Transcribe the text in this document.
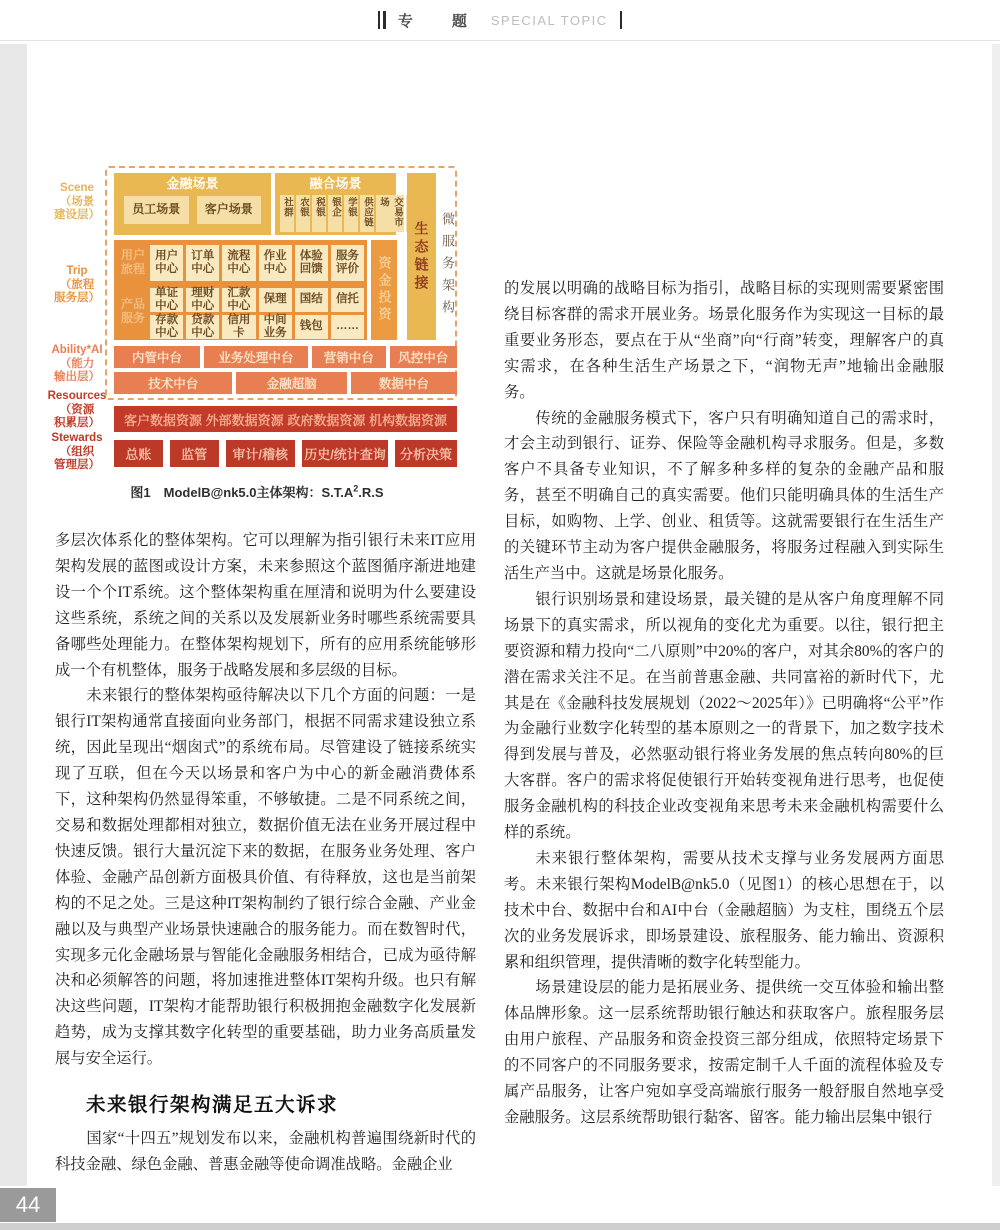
专　题 SPECIAL TOPIC
Scene
（场景
建设层）
Trip
（旅程
服务层）
Ability*AI
（能力
输出层）
Resources
（资源
积累层）
Stewards
（组织
管理层）
金融场景
员工场景	客户场景
融合场景
社群 农银 税银 银企 学银 供应链	交易市场
生态链接 微服务架构
用户旅程
用户中心
订单中心
流程中心
作业中心
体验回馈
服务评价
产品服务
单证中心
理财中心
汇款中心
保理	国结	信托
存款中心
贷款中心
信用卡
中间业务
钱包	……
资金投资
内管中台	业务处理中台	营销中台	风控中台
技术中台	金融超脑	数据中台
客户数据资源 外部数据资源 政府数据资源 机构数据资源
总账	监管	审计/稽核	历史/统计查询	分析决策
图1　ModelB@nk5.0主体架构：$S.T.A^2.R.S$

多层次体系化的整体架构。它可以理解为指引银行未来IT应用架构发展的蓝图或设计方案，未来参照这个蓝图循序渐进地建设一个个IT系统。这个整体架构重在厘清和说明为什么要建设这些系统，系统之间的关系以及发展新业务时哪些系统需要具备哪些处理能力。在整体架构规划下，所有的应用系统能够形成一个有机整体，服务于战略发展和多层级的目标。

未来银行的整体架构亟待解决以下几个方面的问题：一是银行IT架构通常直接面向业务部门，根据不同需求建设独立系统，因此呈现出“烟囱式”的系统布局。尽管建设了链接系统实现了互联，但在今天以场景和客户为中心的新金融消费体系下，这种架构仍然显得笨重，不够敏捷。二是不同系统之间，交易和数据处理都相对独立，数据价值无法在业务开展过程中快速反馈。银行大量沉淀下来的数据，在服务业务处理、客户体验、金融产品创新方面极具价值、有待释放，这也是当前架构的不足之处。三是这种IT架构制约了银行综合金融、产业金融以及与典型产业场景快速融合的服务能力。而在数智时代，实现多元化金融场景与智能化金融服务相结合，已成为亟待解决和必须解答的问题，将加速推进整体IT架构升级。也只有解决这些问题，IT架构才能帮助银行积极拥抱金融数字化发展新趋势，成为支撑其数字化转型的重要基础，助力业务高质量发展与安全运行。

未来银行架构满足五大诉求

国家“十四五”规划发布以来，金融机构普遍围绕新时代的科技金融、绿色金融、普惠金融等使命调准战略。金融企业

的发展以明确的战略目标为指引，战略目标的实现则需要紧密围绕目标客群的需求开展业务。场景化服务作为实现这一目标的最重要业务形态，要点在于从“坐商”向“行商”转变，理解客户的真实需求，在各种生活生产场景之下，“润物无声”地输出金融服务。

传统的金融服务模式下，客户只有明确知道自己的需求时，才会主动到银行、证券、保险等金融机构寻求服务。但是，多数客户不具备专业知识，不了解多种多样的复杂的金融产品和服务，甚至不明确自己的真实需要。他们只能明确具体的生活生产目标，如购物、上学、创业、租赁等。这就需要银行在生活生产的关键环节主动为客户提供金融服务，将服务过程融入到实际生活生产当中。这就是场景化服务。

银行识别场景和建设场景，最关键的是从客户角度理解不同场景下的真实需求，所以视角的变化尤为重要。以往，银行把主要资源和精力投向“二八原则”中20%的客户，对其余80%的客户的潜在需求关注不足。在当前普惠金融、共同富裕的新时代下，尤其是在《金融科技发展规划（2022～2025年）》已明确将“公平”作为金融行业数字化转型的基本原则之一的背景下，加之数字技术得到发展与普及，必然驱动银行将业务发展的焦点转向80%的巨大客群。客户的需求将促使银行开始转变视角进行思考，也促使服务金融机构的科技企业改变视角来思考未来金融机构需要什么样的系统。

未来银行整体架构，需要从技术支撑与业务发展两方面思考。未来银行架构ModelB@nk5.0（见图1）的核心思想在于，以技术中台、数据中台和AI中台（金融超脑）为支柱，围绕五个层次的业务发展诉求，即场景建设、旅程服务、能力输出、资源积累和组织管理，提供清晰的数字化转型能力。

场景建设层的能力是拓展业务、提供统一交互体验和输出整体品牌形象。这一层系统帮助银行触达和获取客户。旅程服务层由用户旅程、产品服务和资金投资三部分组成，依照特定场景下的不同客户的不同服务要求，按需定制千人千面的流程体验及专属产品服务，让客户宛如享受高端旅行服务一般舒服自然地享受金融服务。这层系统帮助银行黏客、留客。能力输出层集中银行

44
